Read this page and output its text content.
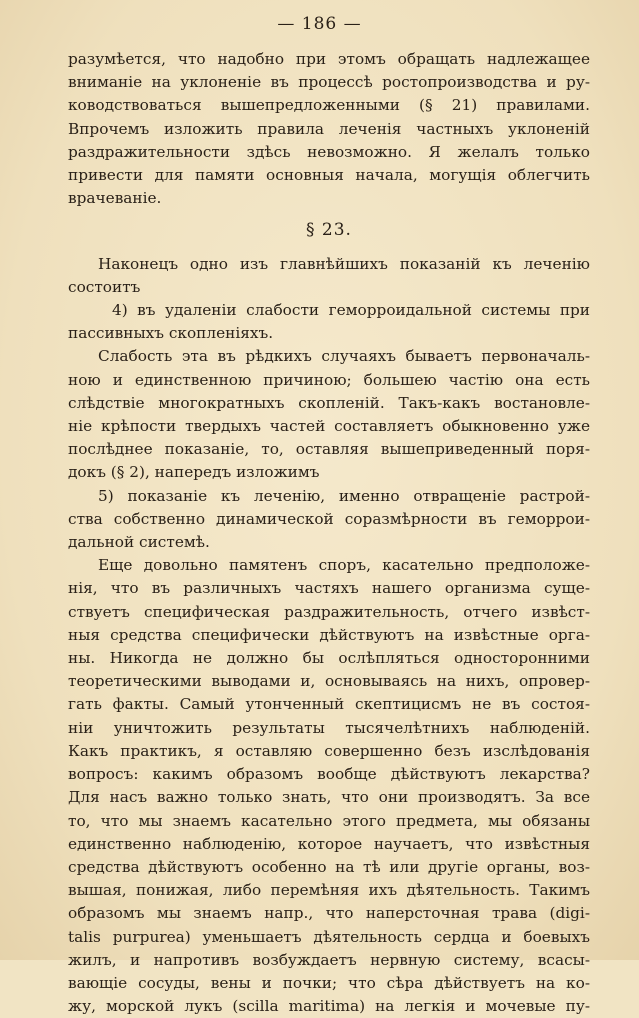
— 186 —
разумѣется, что надобно при этомъ обращать надлежащее
вниманіе на уклоненіе въ процессѣ ростопроизводства и ру-
ководствоваться вышепредложенными (§ 21) правилами.
Впрочемъ изложить правила леченія частныхъ уклоненій
раздражительности здѣсь невозможно. Я желалъ только
привести для памяти основныя начала, могущія облегчить
врачеваніе.
§ 23.
Наконецъ одно изъ главнѣйшихъ показаній къ леченію
состоитъ
4) въ удаленіи слабости геморроидальной системы при
пассивныхъ скопленіяхъ.
Слабость эта въ рѣдкихъ случаяхъ бываетъ первоначаль-
ною и единственною причиною; большею частію она есть
слѣдствіе многократныхъ скопленій. Такъ-какъ востановле-
ніе крѣпости твердыхъ частей составляетъ обыкновенно уже
послѣднее показаніе, то, оставляя вышеприведенный поря-
докъ (§ 2), напередъ изложимъ
5) показаніе къ леченію, именно отвращеніе растрой-
ства собственно динамической соразмѣрности въ геморрои-
дальной системѣ.
Еще довольно памятенъ споръ, касательно предположе-
нія, что въ различныхъ частяхъ нашего организма суще-
ствуетъ специфическая раздражительность, отчего извѣст-
ныя средства специфически дѣйствуютъ на извѣстные орга-
ны. Никогда не должно бы ослѣпляться односторонними
теоретическими выводами и, основываясь на нихъ, опровер-
гать факты. Самый утонченный скептицисмъ не въ состоя-
ніи уничтожить результаты тысячелѣтнихъ наблюденій.
Какъ практикъ, я оставляю совершенно безъ изслѣдованія
вопросъ: какимъ образомъ вообще дѣйствуютъ лекарства?
Для насъ важно только знать, что они производятъ. За все
то, что мы знаемъ касательно этого предмета, мы обязаны
единственно наблюденію, которое научаетъ, что извѣстныя
средства дѣйствуютъ особенно на тѣ или другіе органы, воз-
вышая, понижая, либо перемѣняя ихъ дѣятельность. Такимъ
образомъ мы знаемъ напр., что наперсточная трава (digi-
talis purpurea) уменьшаетъ дѣятельность сердца и боевыхъ
жилъ, и напротивъ возбуждаетъ нервную систему, всасы-
вающіе сосуды, вены и почки; что сѣра дѣйствуетъ на ко-
жу, морской лукъ (scilla maritima) на легкія и мочевые пу-
